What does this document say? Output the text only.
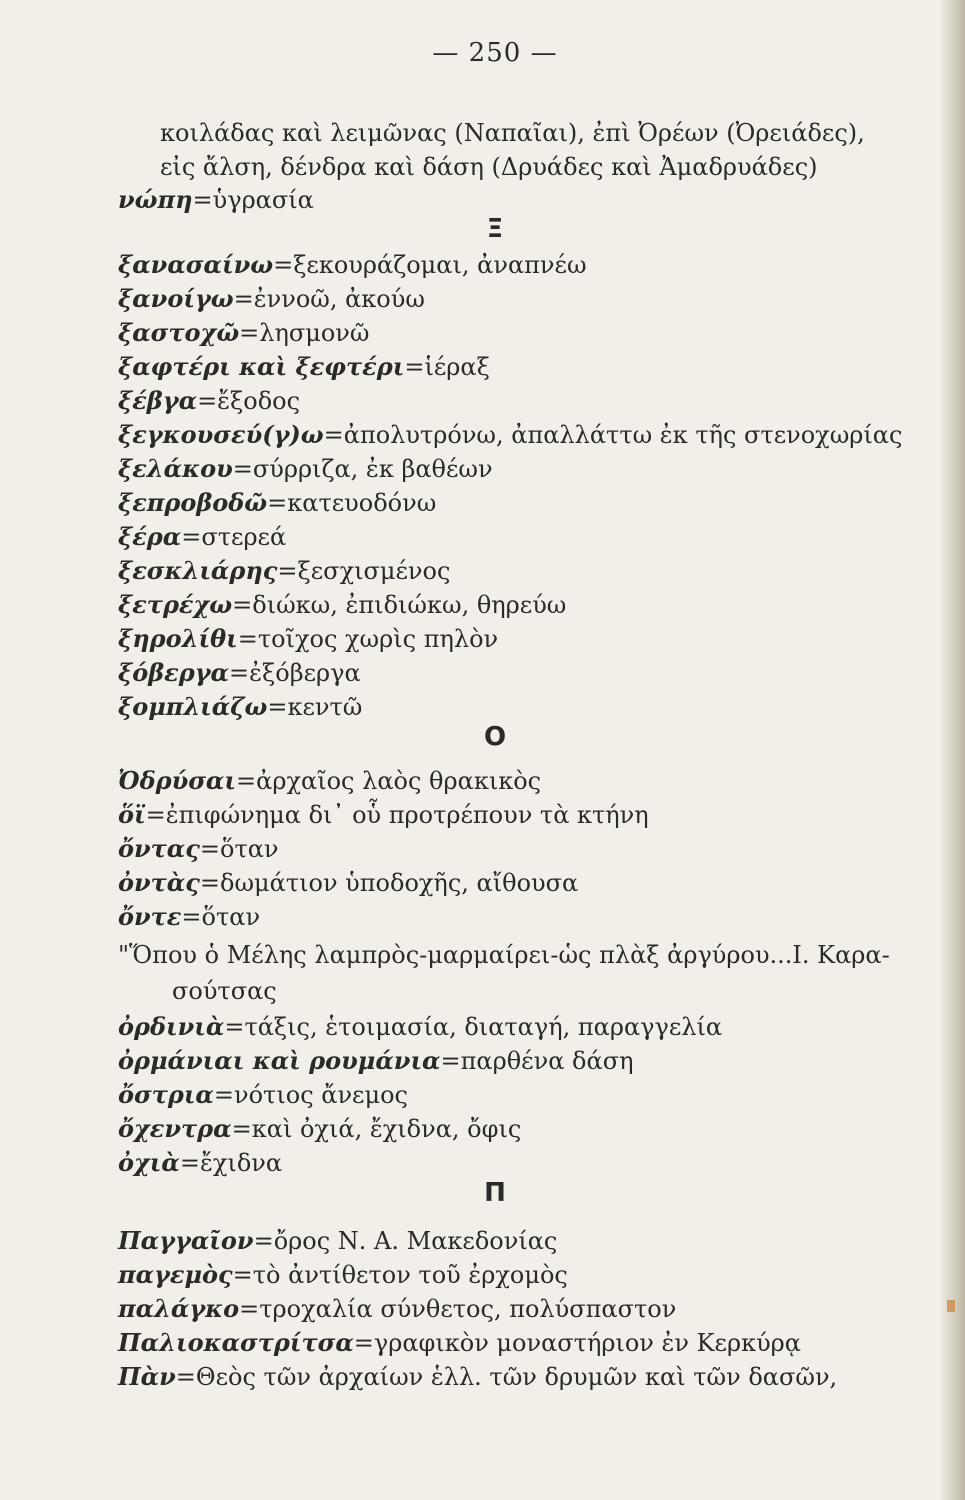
— 250 —
κοιλάδας καὶ λειμῶνας (Ναπαῖαι), ἐπὶ Ὀρέων (Ὀρειάδες),
εἰς ἄλση, δένδρα καὶ δάση (Δρυάδες καὶ Ἀμαδρυάδες)
νώπη=ὑγρασία
Ξ
ξανασαίνω=ξεκουράζομαι, ἀναπνέω
ξανοίγω=ἐννοῶ, ἀκούω
ξαστοχῶ=λησμονῶ
ξαφτέρι καὶ ξεφτέρι=ἱέραξ
ξέβγα=ἔξοδος
ξεγκουσεύ(γ)ω=ἀπολυτρόνω, ἀπαλλάττω ἐκ τῆς στενοχωρίας
ξελάκου=σύρριζα, ἐκ βαθέων
ξεπροβοδῶ=κατευοδόνω
ξέρα=στερεά
ξεσκλιάρης=ξεσχισμένος
ξετρέχω=διώκω, ἐπιδιώκω, θηρεύω
ξηρολίθι=τοῖχος χωρὶς πηλὸν
ξόβεργα=ἐξόβεργα
ξομπλιάζω=κεντῶ
Ο
Ὀδρύσαι=ἀρχαῖος λαὸς θρακικὸς
ὅϊ=ἐπιφώνημα δι᾽ οὗ προτρέπουν τὰ κτήνη
ὄντας=ὅταν
ὀντὰς=δωμάτιον ὑποδοχῆς, αἴθουσα
ὄντε=ὅταν
"Ὅπου ὁ Μέλης λαμπρὸς-μαρμαίρει-ὡς πλὰξ ἀργύρου...Ι. Καρα-
σούτσας
ὀρδινιὰ=τάξις, ἑτοιμασία, διαταγή, παραγγελία
ὀρμάνιαι καὶ ρουμάνια=παρθένα δάση
ὄστρια=νότιος ἄνεμος
ὄχεντρα=καὶ ὀχιά, ἔχιδνα, ὄφις
ὀχιὰ=ἔχιδνα
Π
Παγγαῖον=ὄρος Ν. Α. Μακεδονίας
παγεμὸς=τὸ ἀντίθετον τοῦ ἐρχομὸς
παλάγκο=τροχαλία σύνθετος, πολύσπαστον
Παλιοκαστρίτσα=γραφικὸν μοναστήριον ἐν Κερκύρᾳ
Πὰν=Θεὸς τῶν ἀρχαίων ἑλλ. τῶν δρυμῶν καὶ τῶν δασῶν,
